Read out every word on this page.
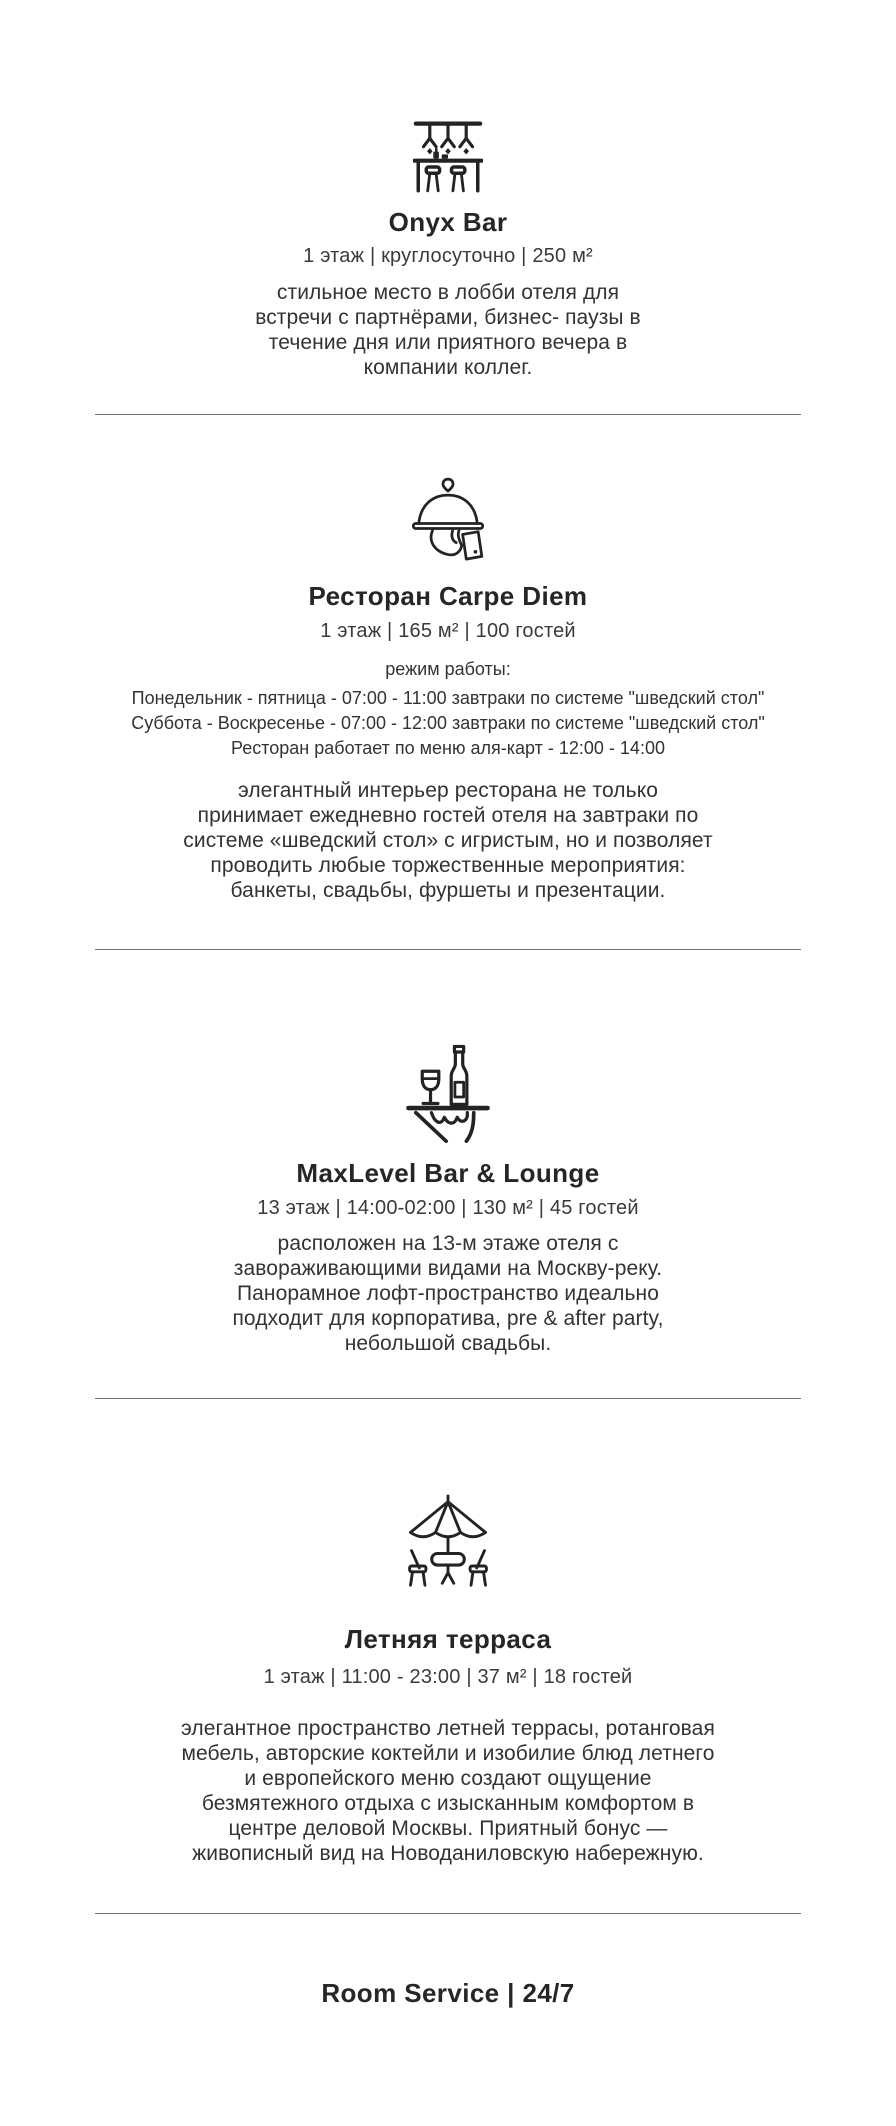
Onyx Bar
1 этаж | круглосуточно | 250 м²

стильное место в лобби отеля для встречи с партнёрами, бизнес- паузы в течение дня или приятного вечера в компании коллег.

Ресторан Carpe Diem
1 этаж | 165 м² | 100 гостей
режим работы:
Понедельник - пятница - 07:00 - 11:00 завтраки по системе "шведский стол"
Суббота - Воскресенье - 07:00 - 12:00 завтраки по системе "шведский стол"
Ресторан работает по меню аля-карт - 12:00 - 14:00

элегантный интерьер ресторана не только принимает ежедневно гостей отеля на завтраки по системе «шведский стол» с игристым, но и позволяет проводить любые торжественные мероприятия: банкеты, свадьбы, фуршеты и презентации.

MaxLevel Bar & Lounge
13 этаж | 14:00-02:00 | 130 м² | 45 гостей

расположен на 13-м этаже отеля с завораживающими видами на Москву-реку. Панорамное лофт-пространство идеально подходит для корпоратива, pre & after party, небольшой свадьбы.

Летняя терраса
1 этаж | 11:00 - 23:00 | 37 м² | 18 гостей

элегантное пространство летней террасы, ротанговая мебель, авторские коктейли и изобилие блюд летнего и европейского меню создают ощущение безмятежного отдыха с изысканным комфортом в центре деловой Москвы. Приятный бонус — живописный вид на Новоданиловскую набережную.

Room Service | 24/7
